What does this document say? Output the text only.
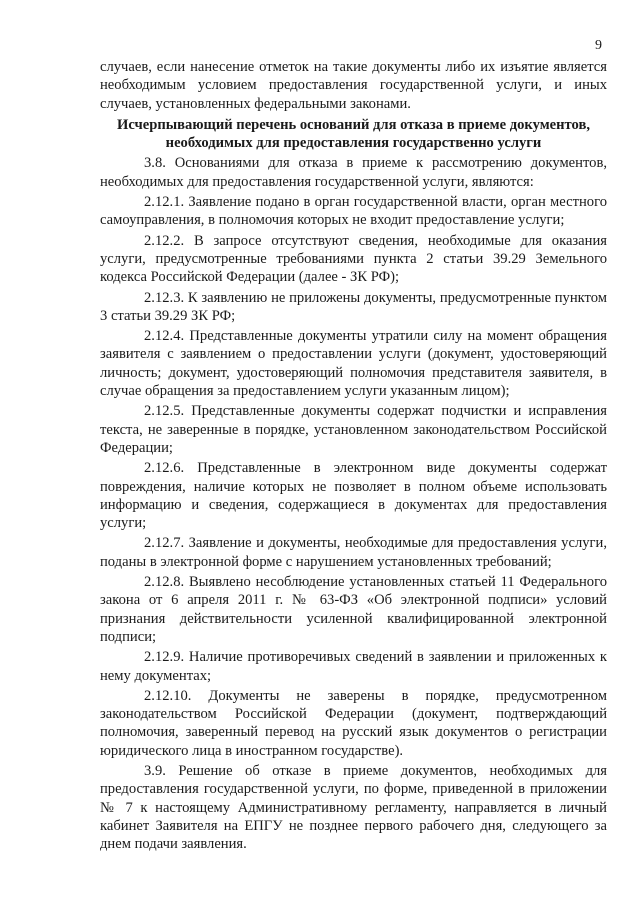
9

случаев, если нанесение отметок на такие документы либо их изъятие является необходимым условием предоставления государственной услуги, и иных случаев, установленных федеральными законами.

Исчерпывающий перечень оснований для отказа в приеме документов, необходимых для предоставления государственно услуги

3.8. Основаниями для отказа в приеме к рассмотрению документов, необходимых для предоставления государственной услуги, являются:

2.12.1. Заявление подано в орган государственной власти, орган местного самоуправления, в полномочия которых не входит предоставление услуги;

2.12.2. В запросе отсутствуют сведения, необходимые для оказания услуги, предусмотренные требованиями пункта 2 статьи 39.29 Земельного кодекса Российской Федерации (далее - ЗК РФ);

2.12.3. К заявлению не приложены документы, предусмотренные пунктом 3 статьи 39.29 ЗК РФ;

2.12.4. Представленные документы утратили силу на момент обращения заявителя с заявлением о предоставлении услуги (документ, удостоверяющий личность; документ, удостоверяющий полномочия представителя заявителя, в случае обращения за предоставлением услуги указанным лицом);

2.12.5. Представленные документы содержат подчистки и исправления текста, не заверенные в порядке, установленном законодательством Российской Федерации;

2.12.6. Представленные в электронном виде документы содержат повреждения, наличие которых не позволяет в полном объеме использовать информацию и сведения, содержащиеся в документах для предоставления услуги;

2.12.7. Заявление и документы, необходимые для предоставления услуги, поданы в электронной форме с нарушением установленных требований;

2.12.8. Выявлено несоблюдение установленных статьей 11 Федерального закона от 6 апреля 2011 г. № 63-ФЗ «Об электронной подписи» условий признания действительности усиленной квалифицированной электронной подписи;

2.12.9. Наличие противоречивых сведений в заявлении и приложенных к нему документах;

2.12.10. Документы не заверены в порядке, предусмотренном законодательством Российской Федерации (документ, подтверждающий полномочия, заверенный перевод на русский язык документов о регистрации юридического лица в иностранном государстве).

3.9. Решение об отказе в приеме документов, необходимых для предоставления государственной услуги, по форме, приведенной в приложении № 7 к настоящему Административному регламенту, направляется в личный кабинет Заявителя на ЕПГУ не позднее первого рабочего дня, следующего за днем подачи заявления.
